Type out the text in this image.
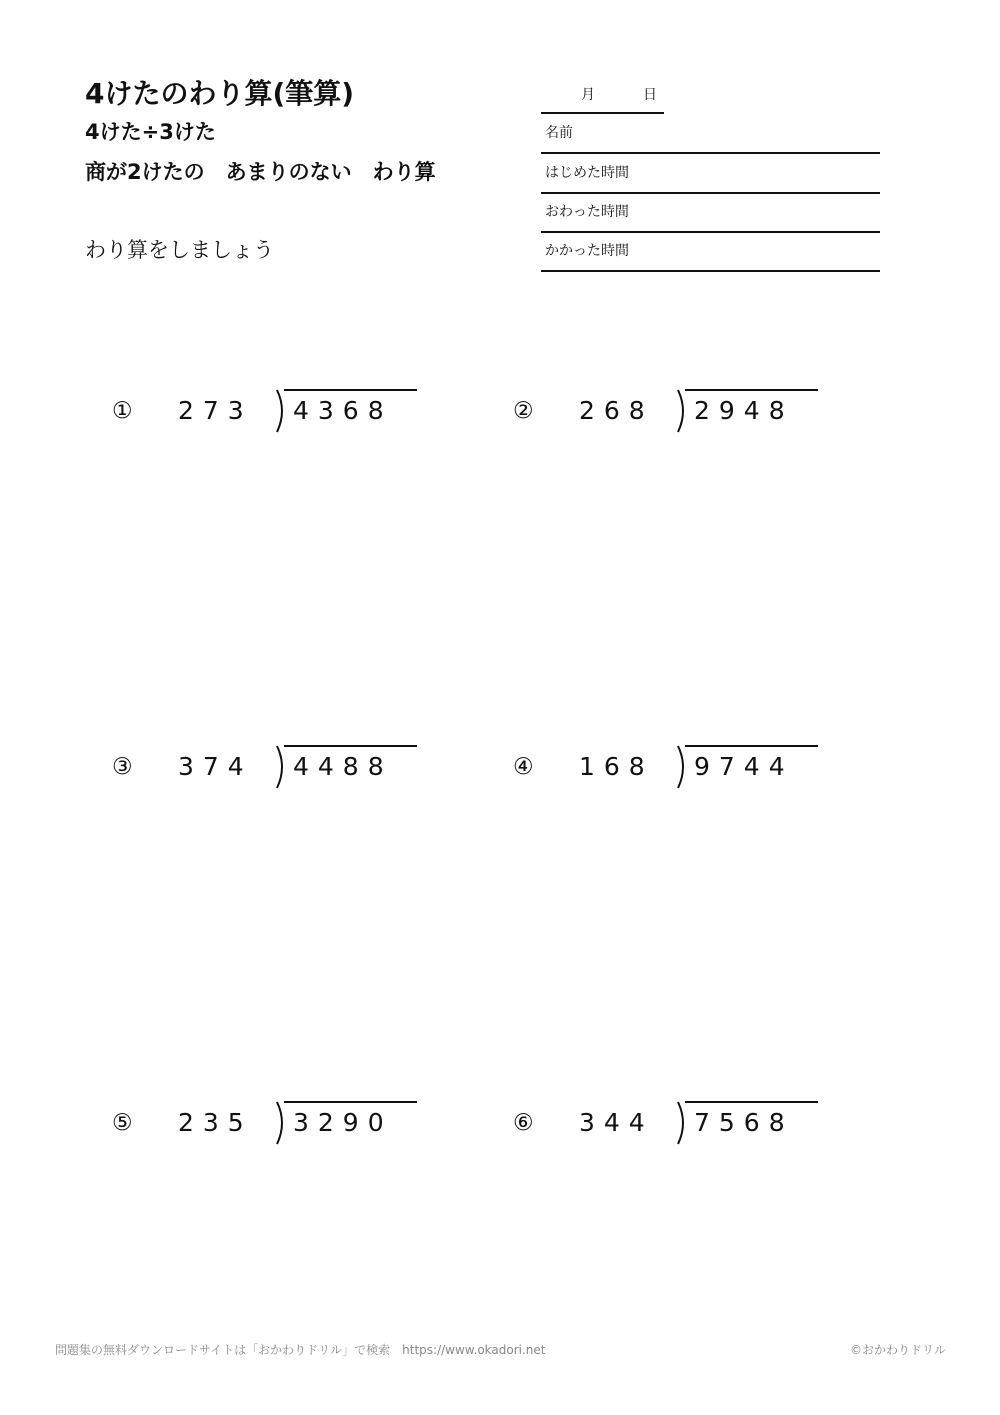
4けたのわり算(筆算)
4けた÷3けた
商が2けたの　あまりのない　わり算
わり算をしましょう
月	日
名前
はじめた時間
おわった時間
かかった時間
① 273 4368	② 268 2948
③ 374 4488	④ 168 9744
⑤ 235 3290	⑥ 344 7568
問題集の無料ダウンロードサイトは「おかわりドリル」で検索　https://www.okadori.net	©おかわりドリル
